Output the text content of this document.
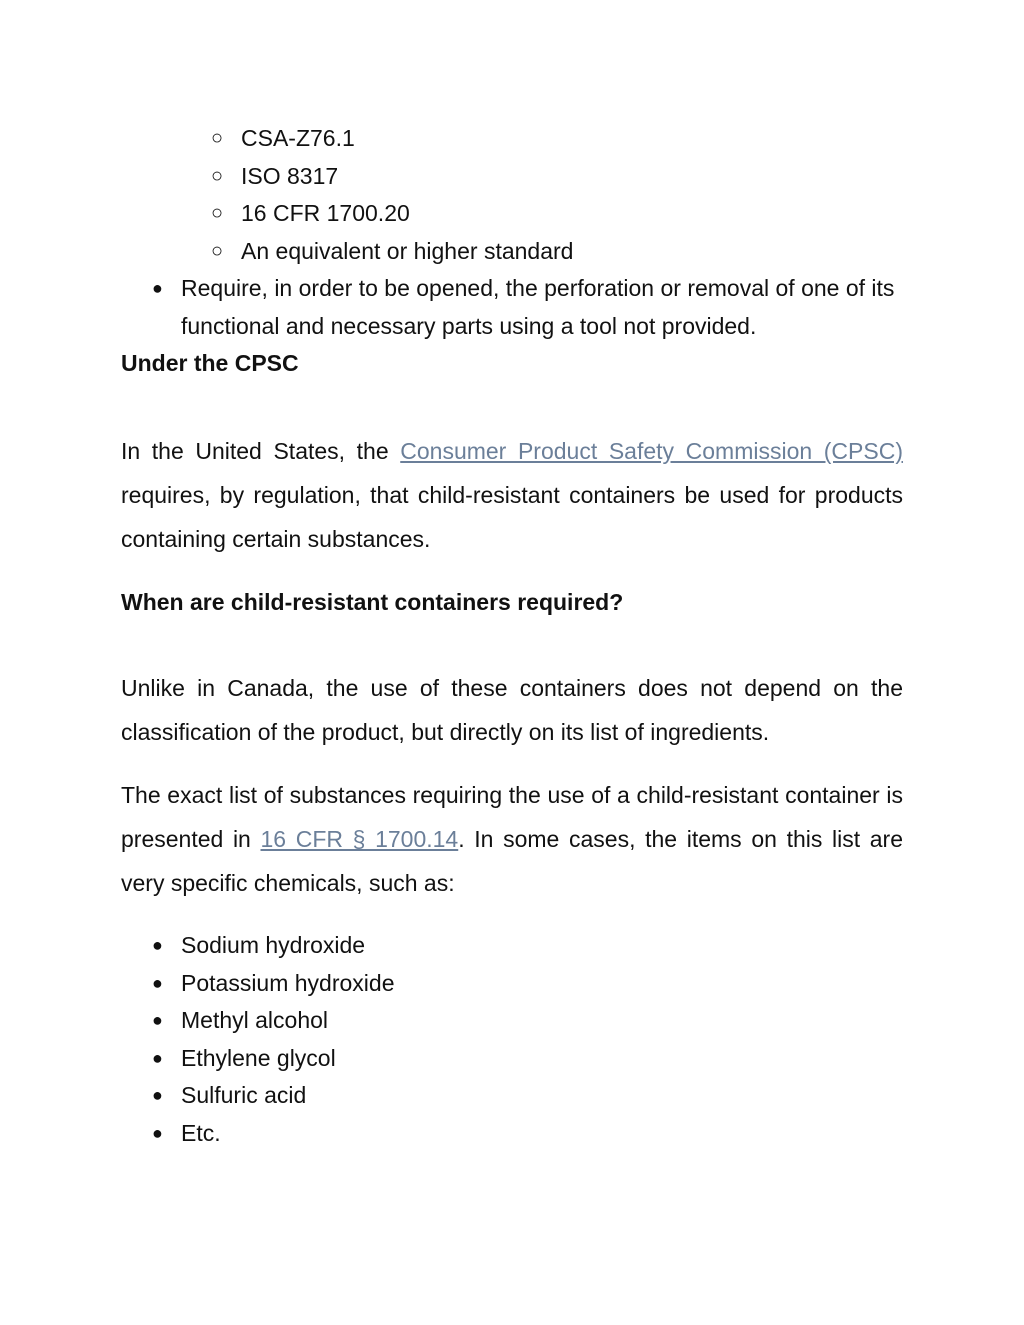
○ CSA-Z76.1
○ ISO 8317
○ 16 CFR 1700.20
○ An equivalent or higher standard
● Require, in order to be opened, the perforation or removal of one of its functional and necessary parts using a tool not provided.
Under the CPSC
In the United States, the Consumer Product Safety Commission (CPSC) requires, by regulation, that child-resistant containers be used for products containing certain substances.
When are child-resistant containers required?
Unlike in Canada, the use of these containers does not depend on the classification of the product, but directly on its list of ingredients.
The exact list of substances requiring the use of a child-resistant container is presented in 16 CFR § 1700.14. In some cases, the items on this list are very specific chemicals, such as:
● Sodium hydroxide
● Potassium hydroxide
● Methyl alcohol
● Ethylene glycol
● Sulfuric acid
● Etc.
